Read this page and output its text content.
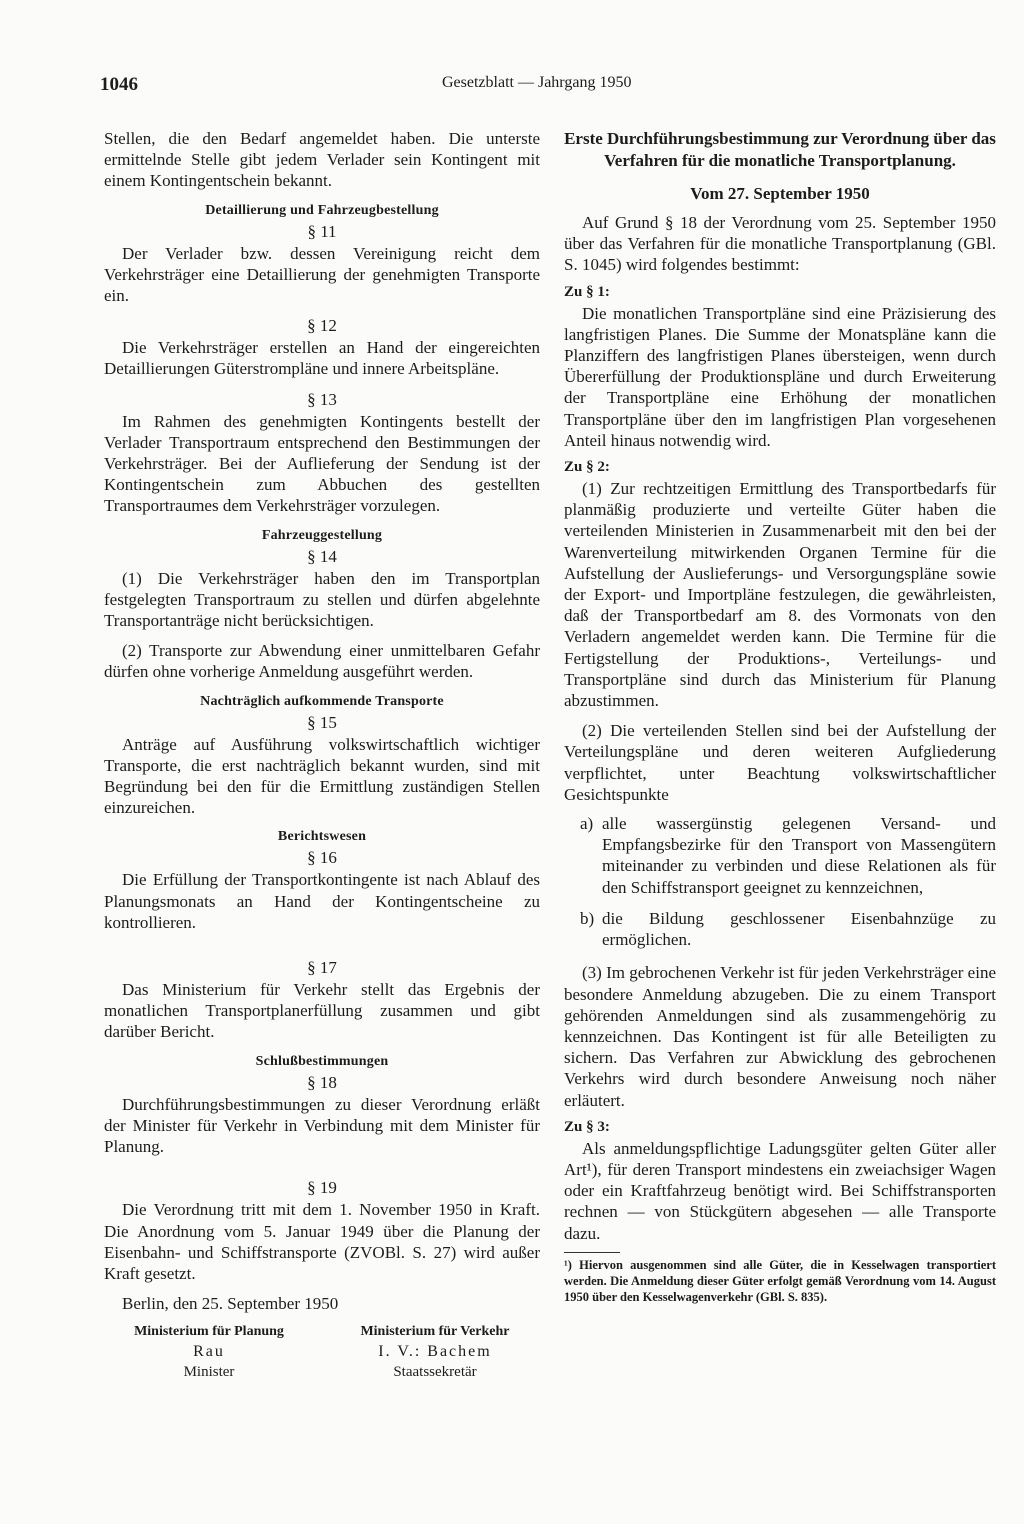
1046	Gesetzblatt — Jahrgang 1950

Stellen, die den Bedarf angemeldet haben. Die unterste ermittelnde Stelle gibt jedem Verlader sein Kontingent mit einem Kontingentschein bekannt.

Detaillierung und Fahrzeugbestellung

§ 11

Der Verlader bzw. dessen Vereinigung reicht dem Verkehrsträger eine Detaillierung der genehmigten Transporte ein.

§ 12

Die Verkehrsträger erstellen an Hand der eingereichten Detaillierungen Güterstrompläne und innere Arbeitspläne.

§ 13

Im Rahmen des genehmigten Kontingents bestellt der Verlader Transportraum entsprechend den Bestimmungen der Verkehrsträger. Bei der Auflieferung der Sendung ist der Kontingentschein zum Abbuchen des gestellten Transportraumes dem Verkehrsträger vorzulegen.

Fahrzeuggestellung

§ 14

(1) Die Verkehrsträger haben den im Transportplan festgelegten Transportraum zu stellen und dürfen abgelehnte Transportanträge nicht berücksichtigen.

(2) Transporte zur Abwendung einer unmittelbaren Gefahr dürfen ohne vorherige Anmeldung ausgeführt werden.

Nachträglich aufkommende Transporte

§ 15

Anträge auf Ausführung volkswirtschaftlich wichtiger Transporte, die erst nachträglich bekannt wurden, sind mit Begründung bei den für die Ermittlung zuständigen Stellen einzureichen.

Berichtswesen

§ 16

Die Erfüllung der Transportkontingente ist nach Ablauf des Planungsmonats an Hand der Kontingentscheine zu kontrollieren.

§ 17

Das Ministerium für Verkehr stellt das Ergebnis der monatlichen Transportplanerfüllung zusammen und gibt darüber Bericht.

Schlußbestimmungen

§ 18

Durchführungsbestimmungen zu dieser Verordnung erläßt der Minister für Verkehr in Verbindung mit dem Minister für Planung.

§ 19

Die Verordnung tritt mit dem 1. November 1950 in Kraft. Die Anordnung vom 5. Januar 1949 über die Planung der Eisenbahn- und Schiffstransporte (ZVOBl. S. 27) wird außer Kraft gesetzt.

Berlin, den 25. September 1950

Ministerium für Planung
Rau
Minister
Ministerium für Verkehr
I. V.: Bachem
Staatssekretär

Erste Durchführungsbestimmung zur Verordnung über das Verfahren für die monatliche Transportplanung.

Vom 27. September 1950

Auf Grund § 18 der Verordnung vom 25. September 1950 über das Verfahren für die monatliche Transportplanung (GBl. S. 1045) wird folgendes bestimmt:

Zu § 1:

Die monatlichen Transportpläne sind eine Präzisierung des langfristigen Planes. Die Summe der Monatspläne kann die Planziffern des langfristigen Planes übersteigen, wenn durch Übererfüllung der Produktionspläne und durch Erweiterung der Transportpläne eine Erhöhung der monatlichen Transportpläne über den im langfristigen Plan vorgesehenen Anteil hinaus notwendig wird.

Zu § 2:

(1) Zur rechtzeitigen Ermittlung des Transportbedarfs für planmäßig produzierte und verteilte Güter haben die verteilenden Ministerien in Zusammenarbeit mit den bei der Warenverteilung mitwirkenden Organen Termine für die Aufstellung der Auslieferungs- und Versorgungspläne sowie der Export- und Importpläne festzulegen, die gewährleisten, daß der Transportbedarf am 8. des Vormonats von den Verladern angemeldet werden kann. Die Termine für die Fertigstellung der Produktions-, Verteilungs- und Transportpläne sind durch das Ministerium für Planung abzustimmen.

(2) Die verteilenden Stellen sind bei der Aufstellung der Verteilungspläne und deren weiteren Aufgliederung verpflichtet, unter Beachtung volkswirtschaftlicher Gesichtspunkte

a) alle wassergünstig gelegenen Versand- und Empfangsbezirke für den Transport von Massengütern miteinander zu verbinden und diese Relationen als für den Schiffstransport geeignet zu kennzeichnen,
b) die Bildung geschlossener Eisenbahnzüge zu ermöglichen.

(3) Im gebrochenen Verkehr ist für jeden Verkehrsträger eine besondere Anmeldung abzugeben. Die zu einem Transport gehörenden Anmeldungen sind als zusammengehörig zu kennzeichnen. Das Kontingent ist für alle Beteiligten zu sichern. Das Verfahren zur Abwicklung des gebrochenen Verkehrs wird durch besondere Anweisung noch näher erläutert.

Zu § 3:

Als anmeldungspflichtige Ladungsgüter gelten Güter aller Art¹), für deren Transport mindestens ein zweiachsiger Wagen oder ein Kraftfahrzeug benötigt wird. Bei Schiffstransporten rechnen — von Stückgütern abgesehen — alle Transporte dazu.

¹) Hiervon ausgenommen sind alle Güter, die in Kesselwagen transportiert werden. Die Anmeldung dieser Güter erfolgt gemäß Verordnung vom 14. August 1950 über den Kesselwagenverkehr (GBl. S. 835).
